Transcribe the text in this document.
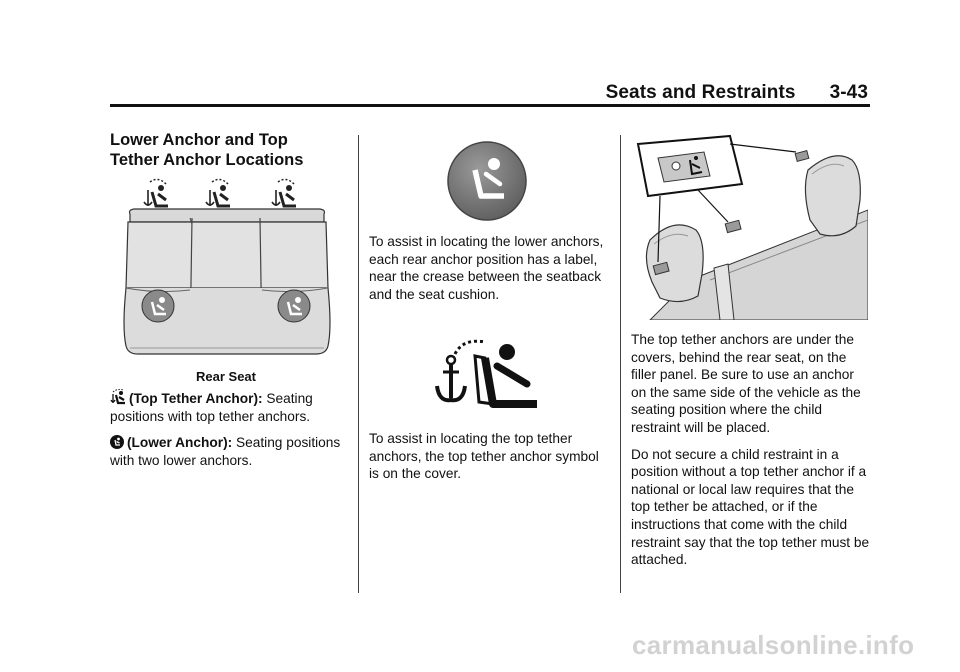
Seats and Restraints 3-43
Lower Anchor and Top Tether Anchor Locations
Rear Seat

(Top Tether Anchor): Seating positions with top tether anchors.

(Lower Anchor): Seating positions with two lower anchors.

To assist in locating the lower anchors, each rear anchor position has a label, near the crease between the seatback and the seat cushion.

To assist in locating the top tether anchors, the top tether anchor symbol is on the cover.

The top tether anchors are under the covers, behind the rear seat, on the filler panel. Be sure to use an anchor on the same side of the vehicle as the seating position where the child restraint will be placed.

Do not secure a child restraint in a position without a top tether anchor if a national or local law requires that the top tether be attached, or if the instructions that come with the child restraint say that the top tether must be attached.

carmanualsonline.info
